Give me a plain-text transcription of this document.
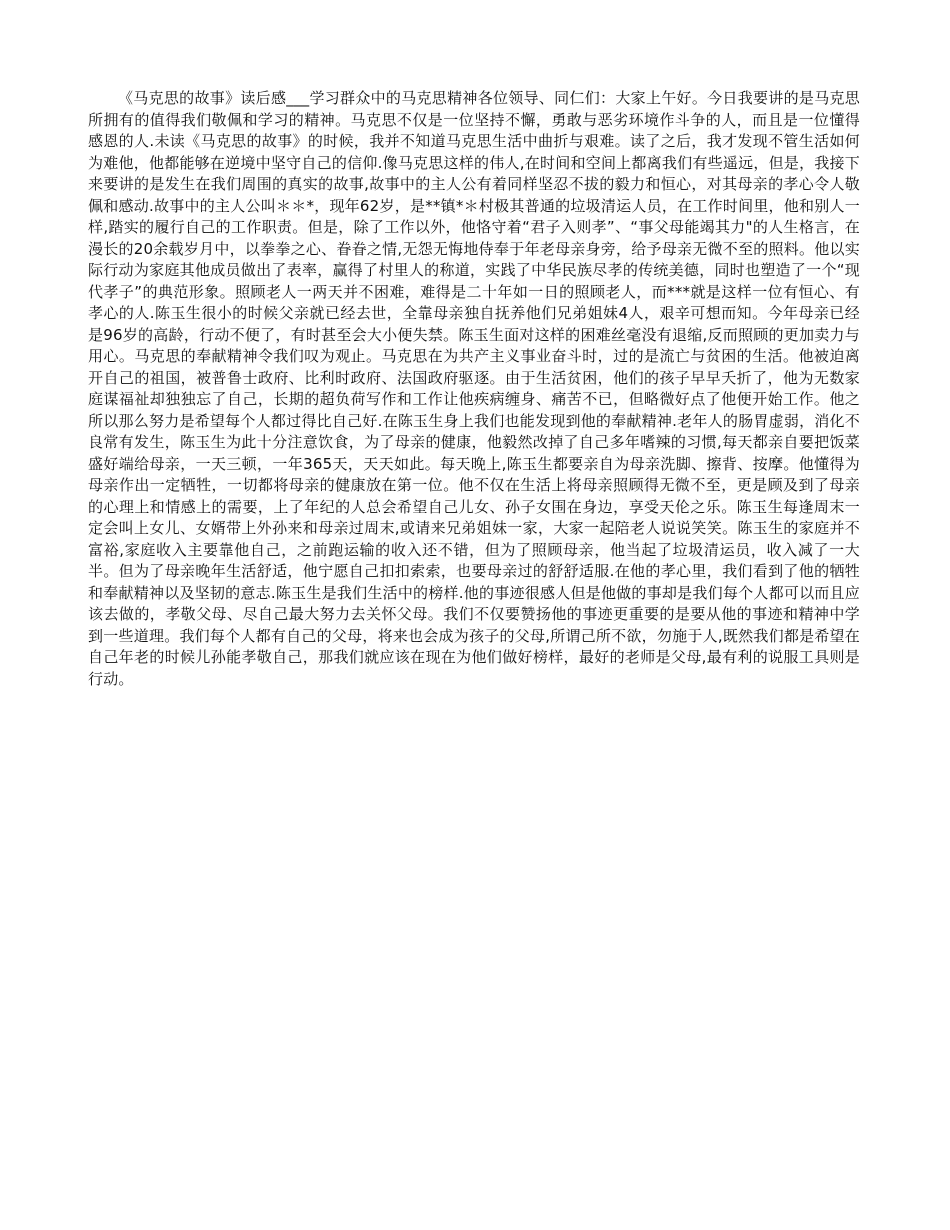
《马克思的故事》读后感___学习群众中的马克思精神各位领导、同仁们：大家上午好。今日我要讲的是马克思所拥有的值得我们敬佩和学习的精神。马克思不仅是一位坚持不懈，勇敢与恶劣环境作斗争的人，而且是一位懂得感恩的人.未读《马克思的故事》的时候，我并不知道马克思生活中曲折与艰难。读了之后，我才发现不管生活如何为难他，他都能够在逆境中坚守自己的信仰.像马克思这样的伟人,在时间和空间上都离我们有些遥远，但是，我接下来要讲的是发生在我们周围的真实的故事,故事中的主人公有着同样坚忍不拔的毅力和恒心，对其母亲的孝心令人敬佩和感动.故事中的主人公叫＊＊*，现年62岁，是**镇*＊村极其普通的垃圾清运人员，在工作时间里，他和别人一样,踏实的履行自己的工作职责。但是，除了工作以外，他恪守着“君子入则孝”、“事父母能竭其力"的人生格言，在漫长的20余载岁月中，以拳拳之心、眷眷之情,无怨无悔地侍奉于年老母亲身旁，给予母亲无微不至的照料。他以实际行动为家庭其他成员做出了表率，赢得了村里人的称道，实践了中华民族尽孝的传统美德，同时也塑造了一个“现代孝子”的典范形象。照顾老人一两天并不困难，难得是二十年如一日的照顾老人，而***就是这样一位有恒心、有孝心的人.陈玉生很小的时候父亲就已经去世，全靠母亲独自抚养他们兄弟姐妹4人，艰辛可想而知。今年母亲已经是96岁的高龄，行动不便了，有时甚至会大小便失禁。陈玉生面对这样的困难丝毫没有退缩,反而照顾的更加卖力与用心。马克思的奉献精神令我们叹为观止。马克思在为共产主义事业奋斗时，过的是流亡与贫困的生活。他被迫离开自己的祖国，被普鲁士政府、比利时政府、法国政府驱逐。由于生活贫困，他们的孩子早早夭折了，他为无数家庭谋福祉却独独忘了自己，长期的超负荷写作和工作让他疾病缠身、痛苦不已，但略微好点了他便开始工作。他之所以那么努力是希望每个人都过得比自己好.在陈玉生身上我们也能发现到他的奉献精神.老年人的肠胃虚弱，消化不良常有发生，陈玉生为此十分注意饮食，为了母亲的健康，他毅然改掉了自己多年嗜辣的习惯,每天都亲自要把饭菜盛好端给母亲，一天三顿，一年365天，天天如此。每天晚上,陈玉生都要亲自为母亲洗脚、擦背、按摩。他懂得为母亲作出一定牺牲，一切都将母亲的健康放在第一位。他不仅在生活上将母亲照顾得无微不至，更是顾及到了母亲的心理上和情感上的需要，上了年纪的人总会希望自己儿女、孙子女围在身边，享受天伦之乐。陈玉生每逢周末一定会叫上女儿、女婿带上外孙来和母亲过周末,或请来兄弟姐妹一家，大家一起陪老人说说笑笑。陈玉生的家庭并不富裕,家庭收入主要靠他自己，之前跑运输的收入还不错，但为了照顾母亲，他当起了垃圾清运员，收入减了一大半。但为了母亲晚年生活舒适，他宁愿自己扣扣索索，也要母亲过的舒舒适服.在他的孝心里，我们看到了他的牺牲和奉献精神以及坚韧的意志.陈玉生是我们生活中的榜样.他的事迹很感人但是他做的事却是我们每个人都可以而且应该去做的，孝敬父母、尽自己最大努力去关怀父母。我们不仅要赞扬他的事迹更重要的是要从他的事迹和精神中学到一些道理。我们每个人都有自己的父母，将来也会成为孩子的父母,所谓己所不欲，勿施于人,既然我们都是希望在自己年老的时候儿孙能孝敬自己，那我们就应该在现在为他们做好榜样，最好的老师是父母,最有利的说服工具则是行动。
